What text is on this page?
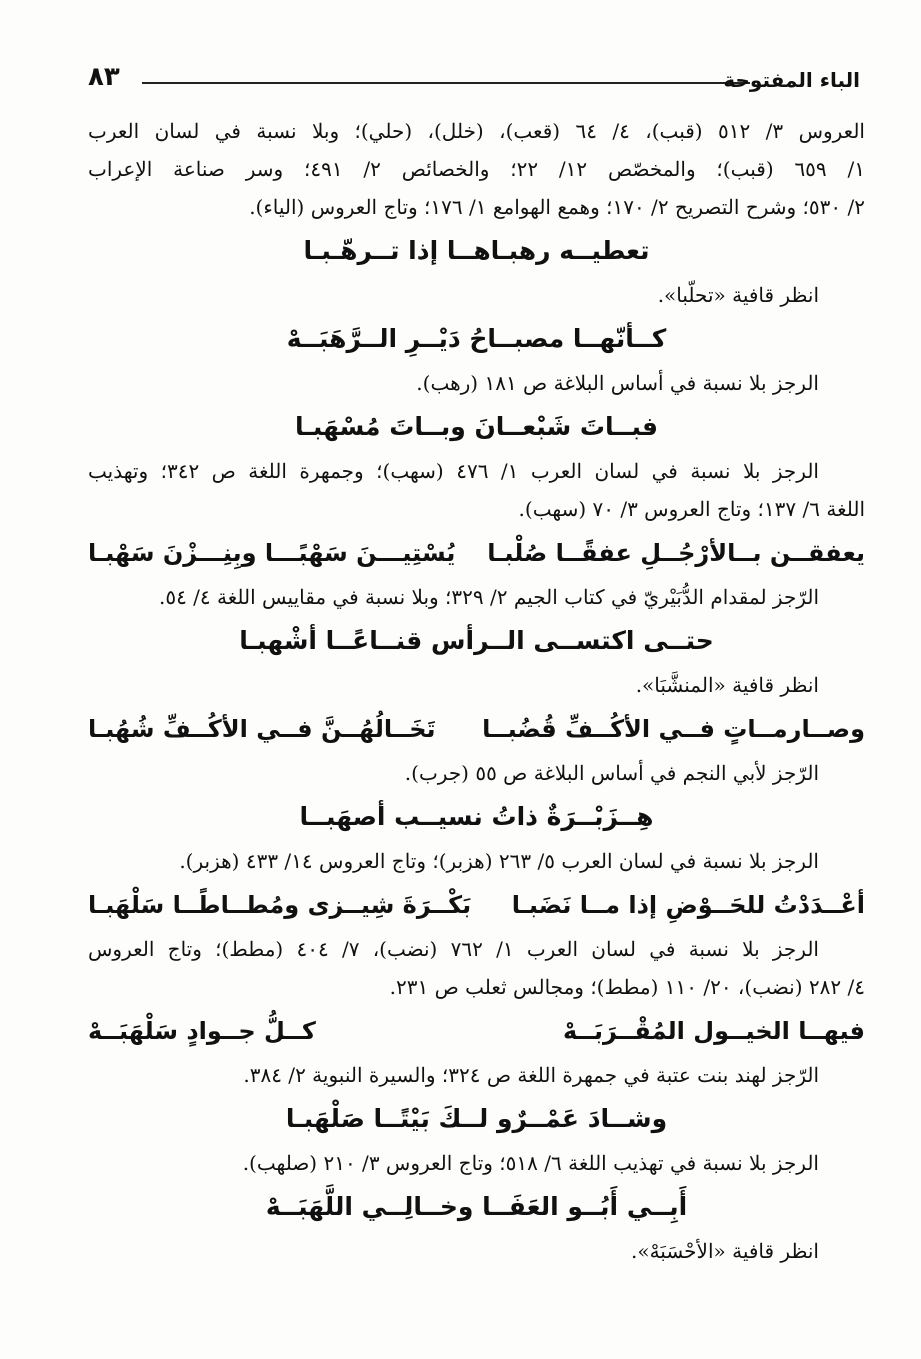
٨٣	الباء المفتوحة
العروس ٣/ ٥١٢ (قبب)، ٤/ ٦٤ (قعب)، (خلل)، (حلي)؛ وبلا نسبة في لسان العرب
١/ ٦٥٩ (قبب)؛ والمخصّص ١٢/ ٢٢؛ والخصائص ٢/ ٤٩١؛ وسر صناعة الإعراب
٢/ ٥٣٠؛ وشرح التصريح ٢/ ١٧٠؛ وهمع الهوامع ١/ ١٧٦؛ وتاج العروس (الياء).
تعطيــه رهبـاهــا إذا تــرهّـبـا
انظر قافية «تحلّبا».
كــأنّهــا مصبــاحُ دَيْــرِ الــرَّهَبَــهْ
الرجز بلا نسبة في أساس البلاغة ص ١٨١ (رهب).
فبــاتَ شَبْعــانَ وبــاتَ مُسْهَبـا
الرجز بلا نسبة في لسان العرب ١/ ٤٧٦ (سهب)؛ وجمهرة اللغة ص ٣٤٢؛ وتهذيب
اللغة ٦/ ١٣٧؛ وتاج العروس ٣/ ٧٠ (سهب).
يعفقــن بــالأرْجُــلِ عفقًــا صُلْبـا
يُسْتِيـــنَ سَهْبًـــا وبِنِـــزْنَ سَهْبـا
الرّجز لمقدام الدُّبَيْريّ في كتاب الجيم ٢/ ٣٢٩؛ وبلا نسبة في مقاييس اللغة ٤/ ٥٤.
حتــى اكتســى الــرأس قنــاعًــا أشْهبـا
انظر قافية «المنشَّبَا».
وصــارمــاتٍ فــي الأكُــفِّ قُضُبــا
تَخَــالُهُــنَّ فــي الأكُــفِّ شُهُبـا
الرّجز لأبي النجم في أساس البلاغة ص ٥٥ (جرب).
هِــزَبْــرَةٌ ذاتُ نسيــب أصهَبــا
الرجز بلا نسبة في لسان العرب ٥/ ٢٦٣ (هزبر)؛ وتاج العروس ١٤/ ٤٣٣ (هزبر).
أعْــدَدْتُ للحَــوْضِ إذا مــا نَضَبـا
بَكْــرَةَ شِيــزى ومُطــاطًــا سَلْهَبـا
الرجز بلا نسبة في لسان العرب ١/ ٧٦٢ (نضب)، ٧/ ٤٠٤ (مطط)؛ وتاج العروس
٤/ ٢٨٢ (نضب)، ٢٠/ ١١٠ (مطط)؛ ومجالس ثعلب ص ٢٣١.
فيهــا الخيــول المُقْــرَبَــهْ
كــلُّ جــوادٍ سَلْهَبَــهْ
الرّجز لهند بنت عتبة في جمهرة اللغة ص ٣٢٤؛ والسيرة النبوية ٢/ ٣٨٤.
وشــادَ عَمْــرٌو لــكَ بَيْتًــا صَلْهَبـا
الرجز بلا نسبة في تهذيب اللغة ٦/ ٥١٨؛ وتاج العروس ٣/ ٢١٠ (صلهب).
أَبِــي أَبُــو العَفَــا وخــالِــي اللَّهَبَــهْ
انظر قافية «الأحْسَبَهْ».
